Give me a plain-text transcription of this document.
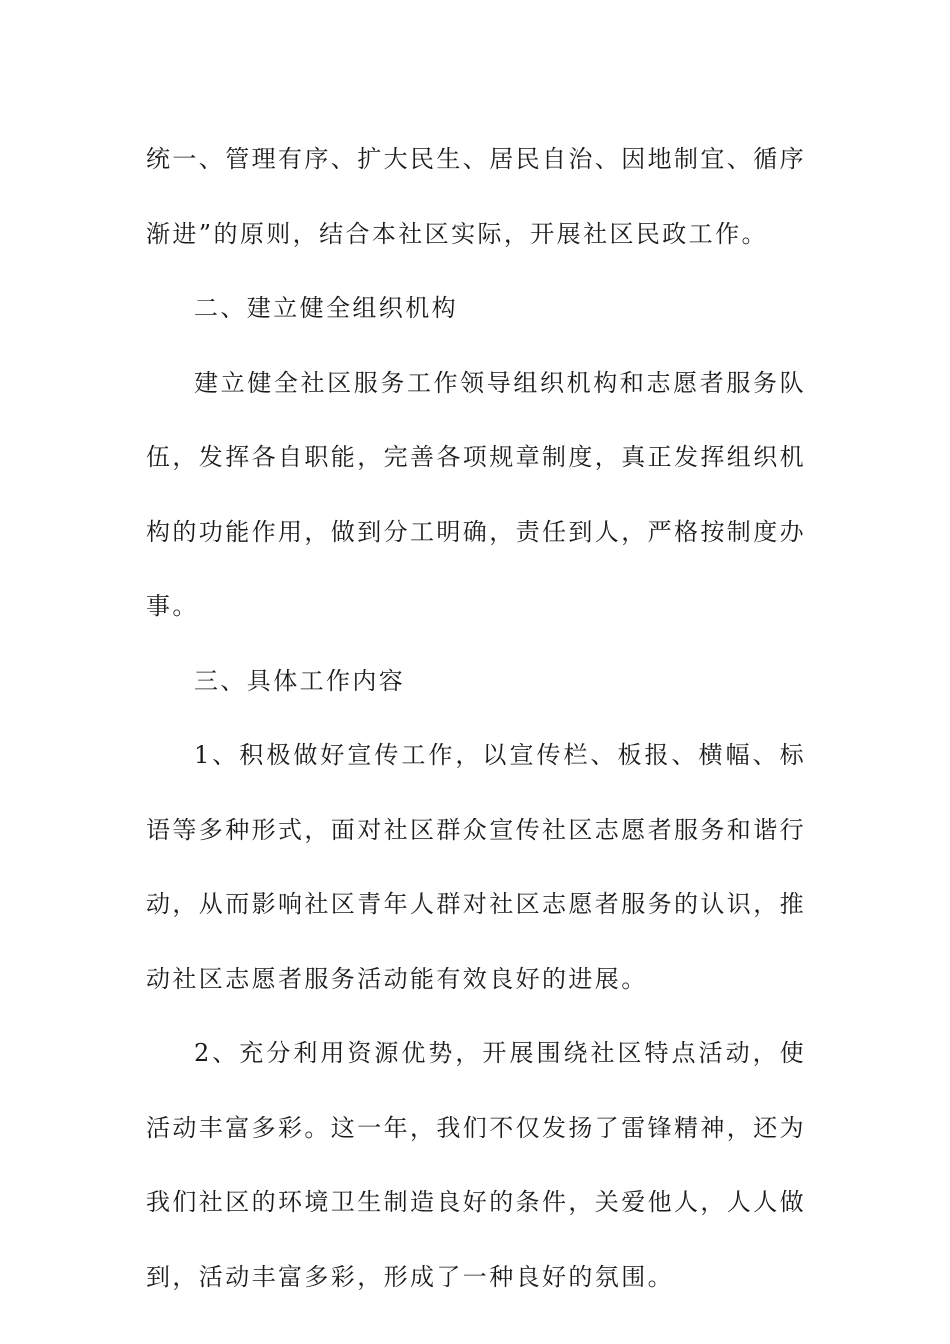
统一、管理有序、扩大民生、居民自治、因地制宜、循序渐进”的原则，结合本社区实际，开展社区民政工作。

二、建立健全组织机构

建立健全社区服务工作领导组织机构和志愿者服务队伍，发挥各自职能，完善各项规章制度，真正发挥组织机构的功能作用，做到分工明确，责任到人，严格按制度办事。

三、具体工作内容

1、积极做好宣传工作，以宣传栏、板报、横幅、标语等多种形式，面对社区群众宣传社区志愿者服务和谐行动，从而影响社区青年人群对社区志愿者服务的认识，推动社区志愿者服务活动能有效良好的进展。

2、充分利用资源优势，开展围绕社区特点活动，使活动丰富多彩。这一年，我们不仅发扬了雷锋精神，还为我们社区的环境卫生制造良好的条件，关爱他人，人人做到，活动丰富多彩，形成了一种良好的氛围。
